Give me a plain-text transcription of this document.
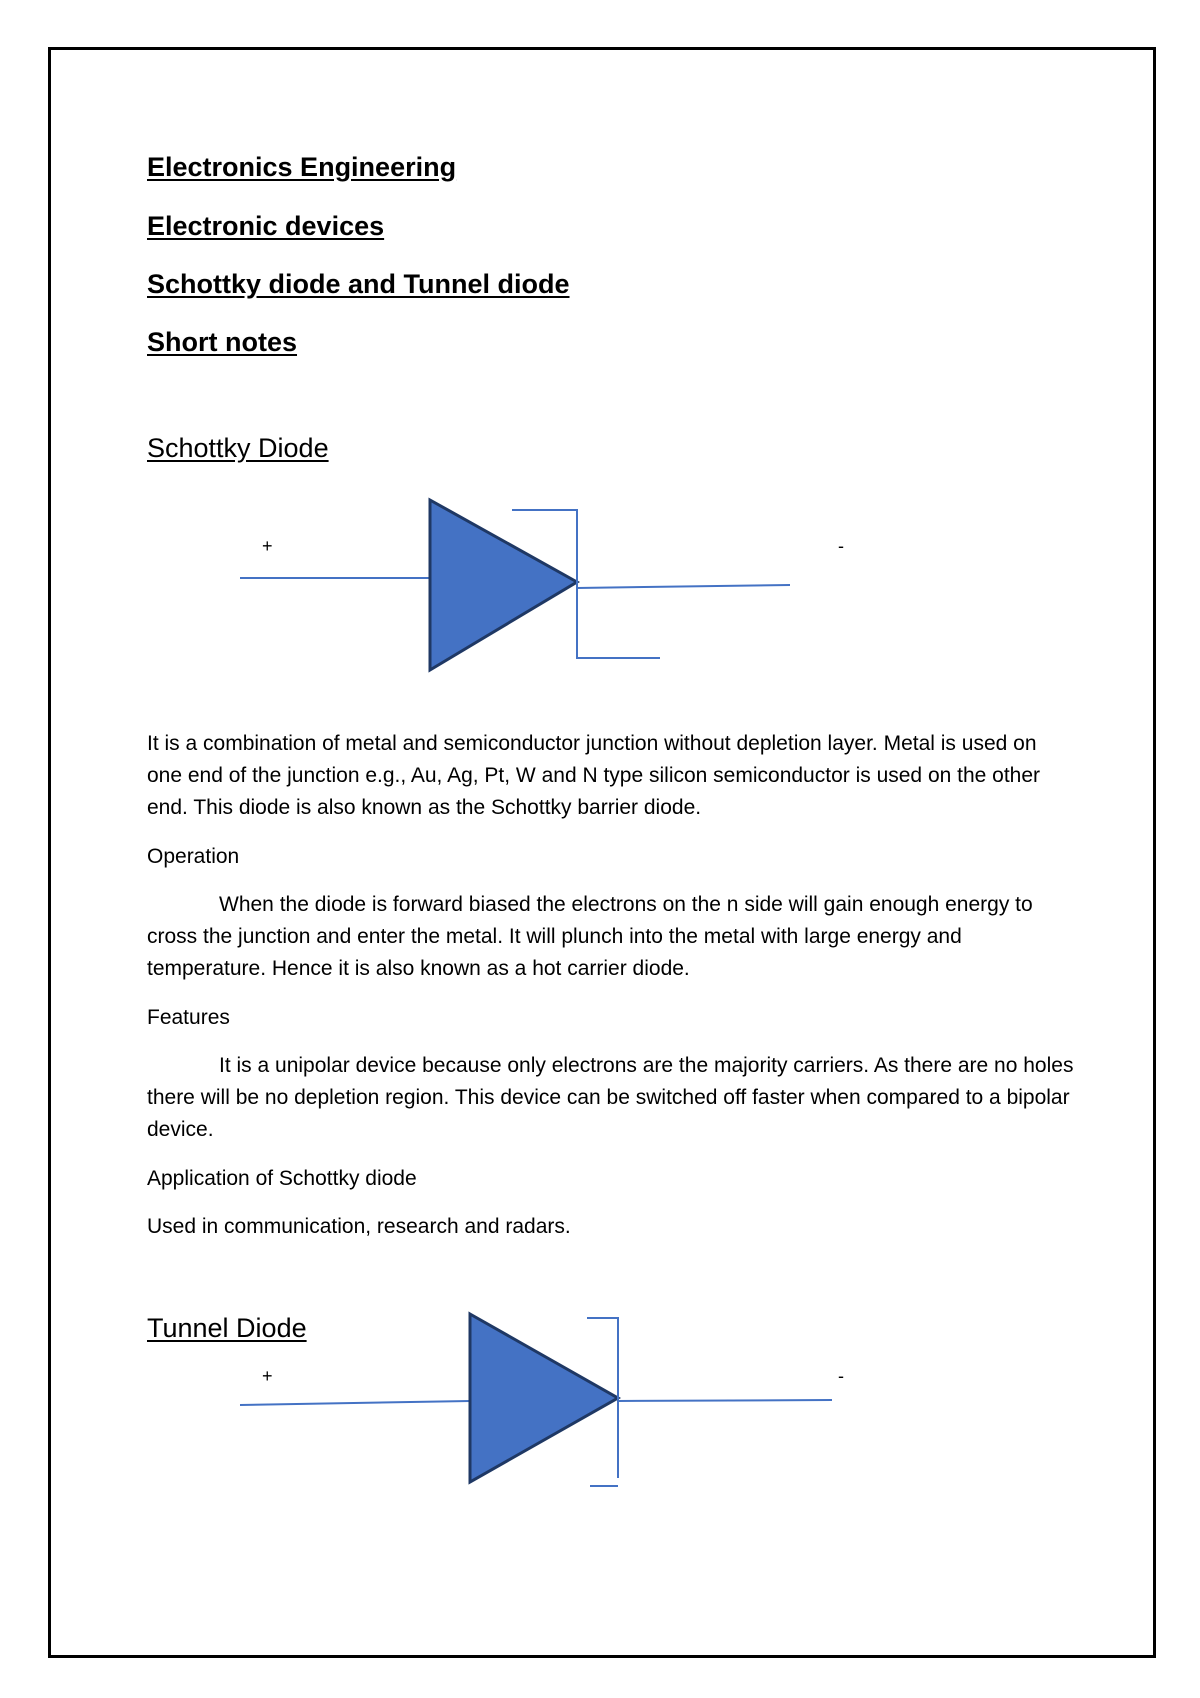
Electronics Engineering
Electronic devices
Schottky diode and Tunnel diode
Short notes
Schottky Diode
+	-

It is a combination of metal and semiconductor junction without depletion layer. Metal is used on one end of the junction e.g., Au, Ag, Pt, W and N type silicon semiconductor is used on the other end. This diode is also known as the Schottky barrier diode.

Operation

When the diode is forward biased the electrons on the n side will gain enough energy to cross the junction and enter the metal. It will plunch into the metal with large energy and temperature. Hence it is also known as a hot carrier diode.

Features

It is a unipolar device because only electrons are the majority carriers. As there are no holes there will be no depletion region. This device can be switched off faster when compared to a bipolar device.

Application of Schottky diode

Used in communication, research and radars.

Tunnel Diode
+	-
